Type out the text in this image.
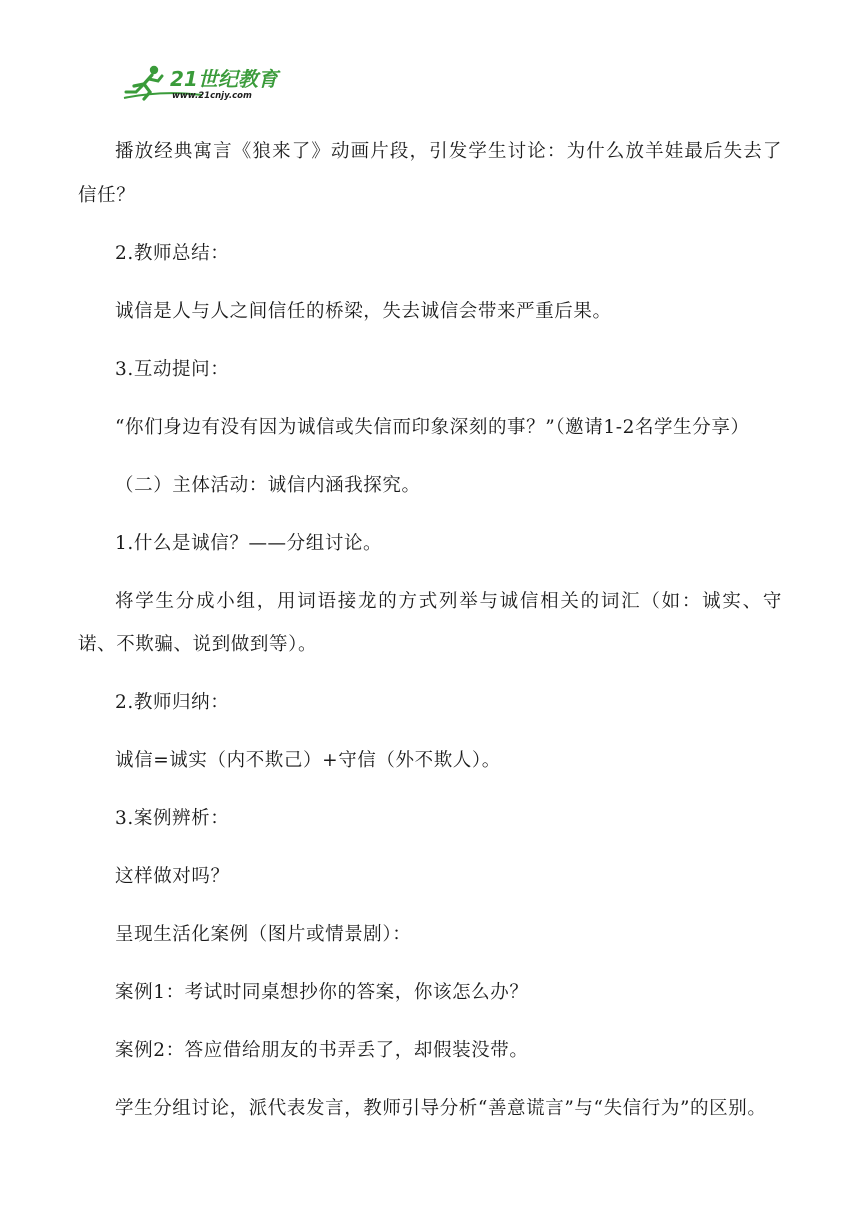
21世纪教育
www.21cnjy.com

播放经典寓言《狼来了》动画片段，引发学生讨论：为什么放羊娃最后失去了信任？

2.教师总结：

诚信是人与人之间信任的桥梁，失去诚信会带来严重后果。

3.互动提问：

“你们身边有没有因为诚信或失信而印象深刻的事？”（邀请1-2名学生分享）

（二）主体活动：诚信内涵我探究。

1.什么是诚信？——分组讨论。

将学生分成小组，用词语接龙的方式列举与诚信相关的词汇（如：诚实、守诺、不欺骗、说到做到等）。

2.教师归纳：

诚信=诚实（内不欺己）+守信（外不欺人）。

3.案例辨析：

这样做对吗？

呈现生活化案例（图片或情景剧）：

案例1：考试时同桌想抄你的答案，你该怎么办？

案例2：答应借给朋友的书弄丢了，却假装没带。

学生分组讨论，派代表发言，教师引导分析“善意谎言”与“失信行为”的区别。
